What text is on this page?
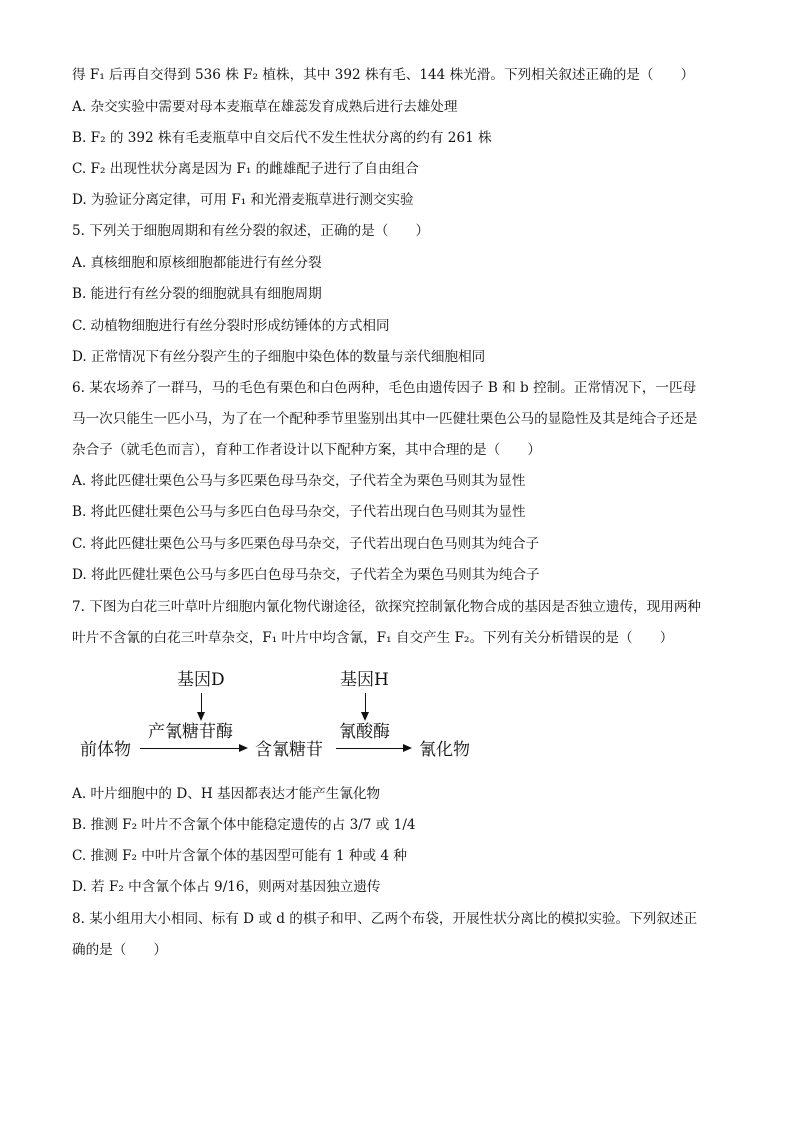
得 F₁ 后再自交得到 536 株 F₂ 植株，其中 392 株有毛、144 株光滑。下列相关叙述正确的是（　　）
A. 杂交实验中需要对母本麦瓶草在雄蕊发育成熟后进行去雄处理
B. F₂ 的 392 株有毛麦瓶草中自交后代不发生性状分离的约有 261 株
C. F₂ 出现性状分离是因为 F₁ 的雌雄配子进行了自由组合
D. 为验证分离定律，可用 F₁ 和光滑麦瓶草进行测交实验
5. 下列关于细胞周期和有丝分裂的叙述，正确的是（　　）
A. 真核细胞和原核细胞都能进行有丝分裂
B. 能进行有丝分裂的细胞就具有细胞周期
C. 动植物细胞进行有丝分裂时形成纺锤体的方式相同
D. 正常情况下有丝分裂产生的子细胞中染色体的数量与亲代细胞相同
6. 某农场养了一群马，马的毛色有栗色和白色两种，毛色由遗传因子 B 和 b 控制。正常情况下，一匹母
马一次只能生一匹小马，为了在一个配种季节里鉴别出其中一匹健壮栗色公马的显隐性及其是纯合子还是
杂合子（就毛色而言），育种工作者设计以下配种方案，其中合理的是（　　）
A. 将此匹健壮栗色公马与多匹栗色母马杂交，子代若全为栗色马则其为显性
B. 将此匹健壮栗色公马与多匹白色母马杂交，子代若出现白色马则其为显性
C. 将此匹健壮栗色公马与多匹栗色母马杂交，子代若出现白色马则其为纯合子
D. 将此匹健壮栗色公马与多匹白色母马杂交，子代若全为栗色马则其为纯合子
7. 下图为白花三叶草叶片细胞内氰化物代谢途径，欲探究控制氰化物合成的基因是否独立遗传，现用两种
叶片不含氰的白花三叶草杂交，F₁ 叶片中均含氰，F₁ 自交产生 F₂。下列有关分析错误的是（　　）
基因D	基因H
产氰糖苷酶	氰酸酶
前体物	含氰糖苷	氰化物
A. 叶片细胞中的 D、H 基因都表达才能产生氰化物
B. 推测 F₂ 叶片不含氰个体中能稳定遗传的占 3/7 或 1/4
C. 推测 F₂ 中叶片含氰个体的基因型可能有 1 种或 4 种
D. 若 F₂ 中含氰个体占 9/16，则两对基因独立遗传
8. 某小组用大小相同、标有 D 或 d 的棋子和甲、乙两个布袋，开展性状分离比的模拟实验。下列叙述正
确的是（　　）
